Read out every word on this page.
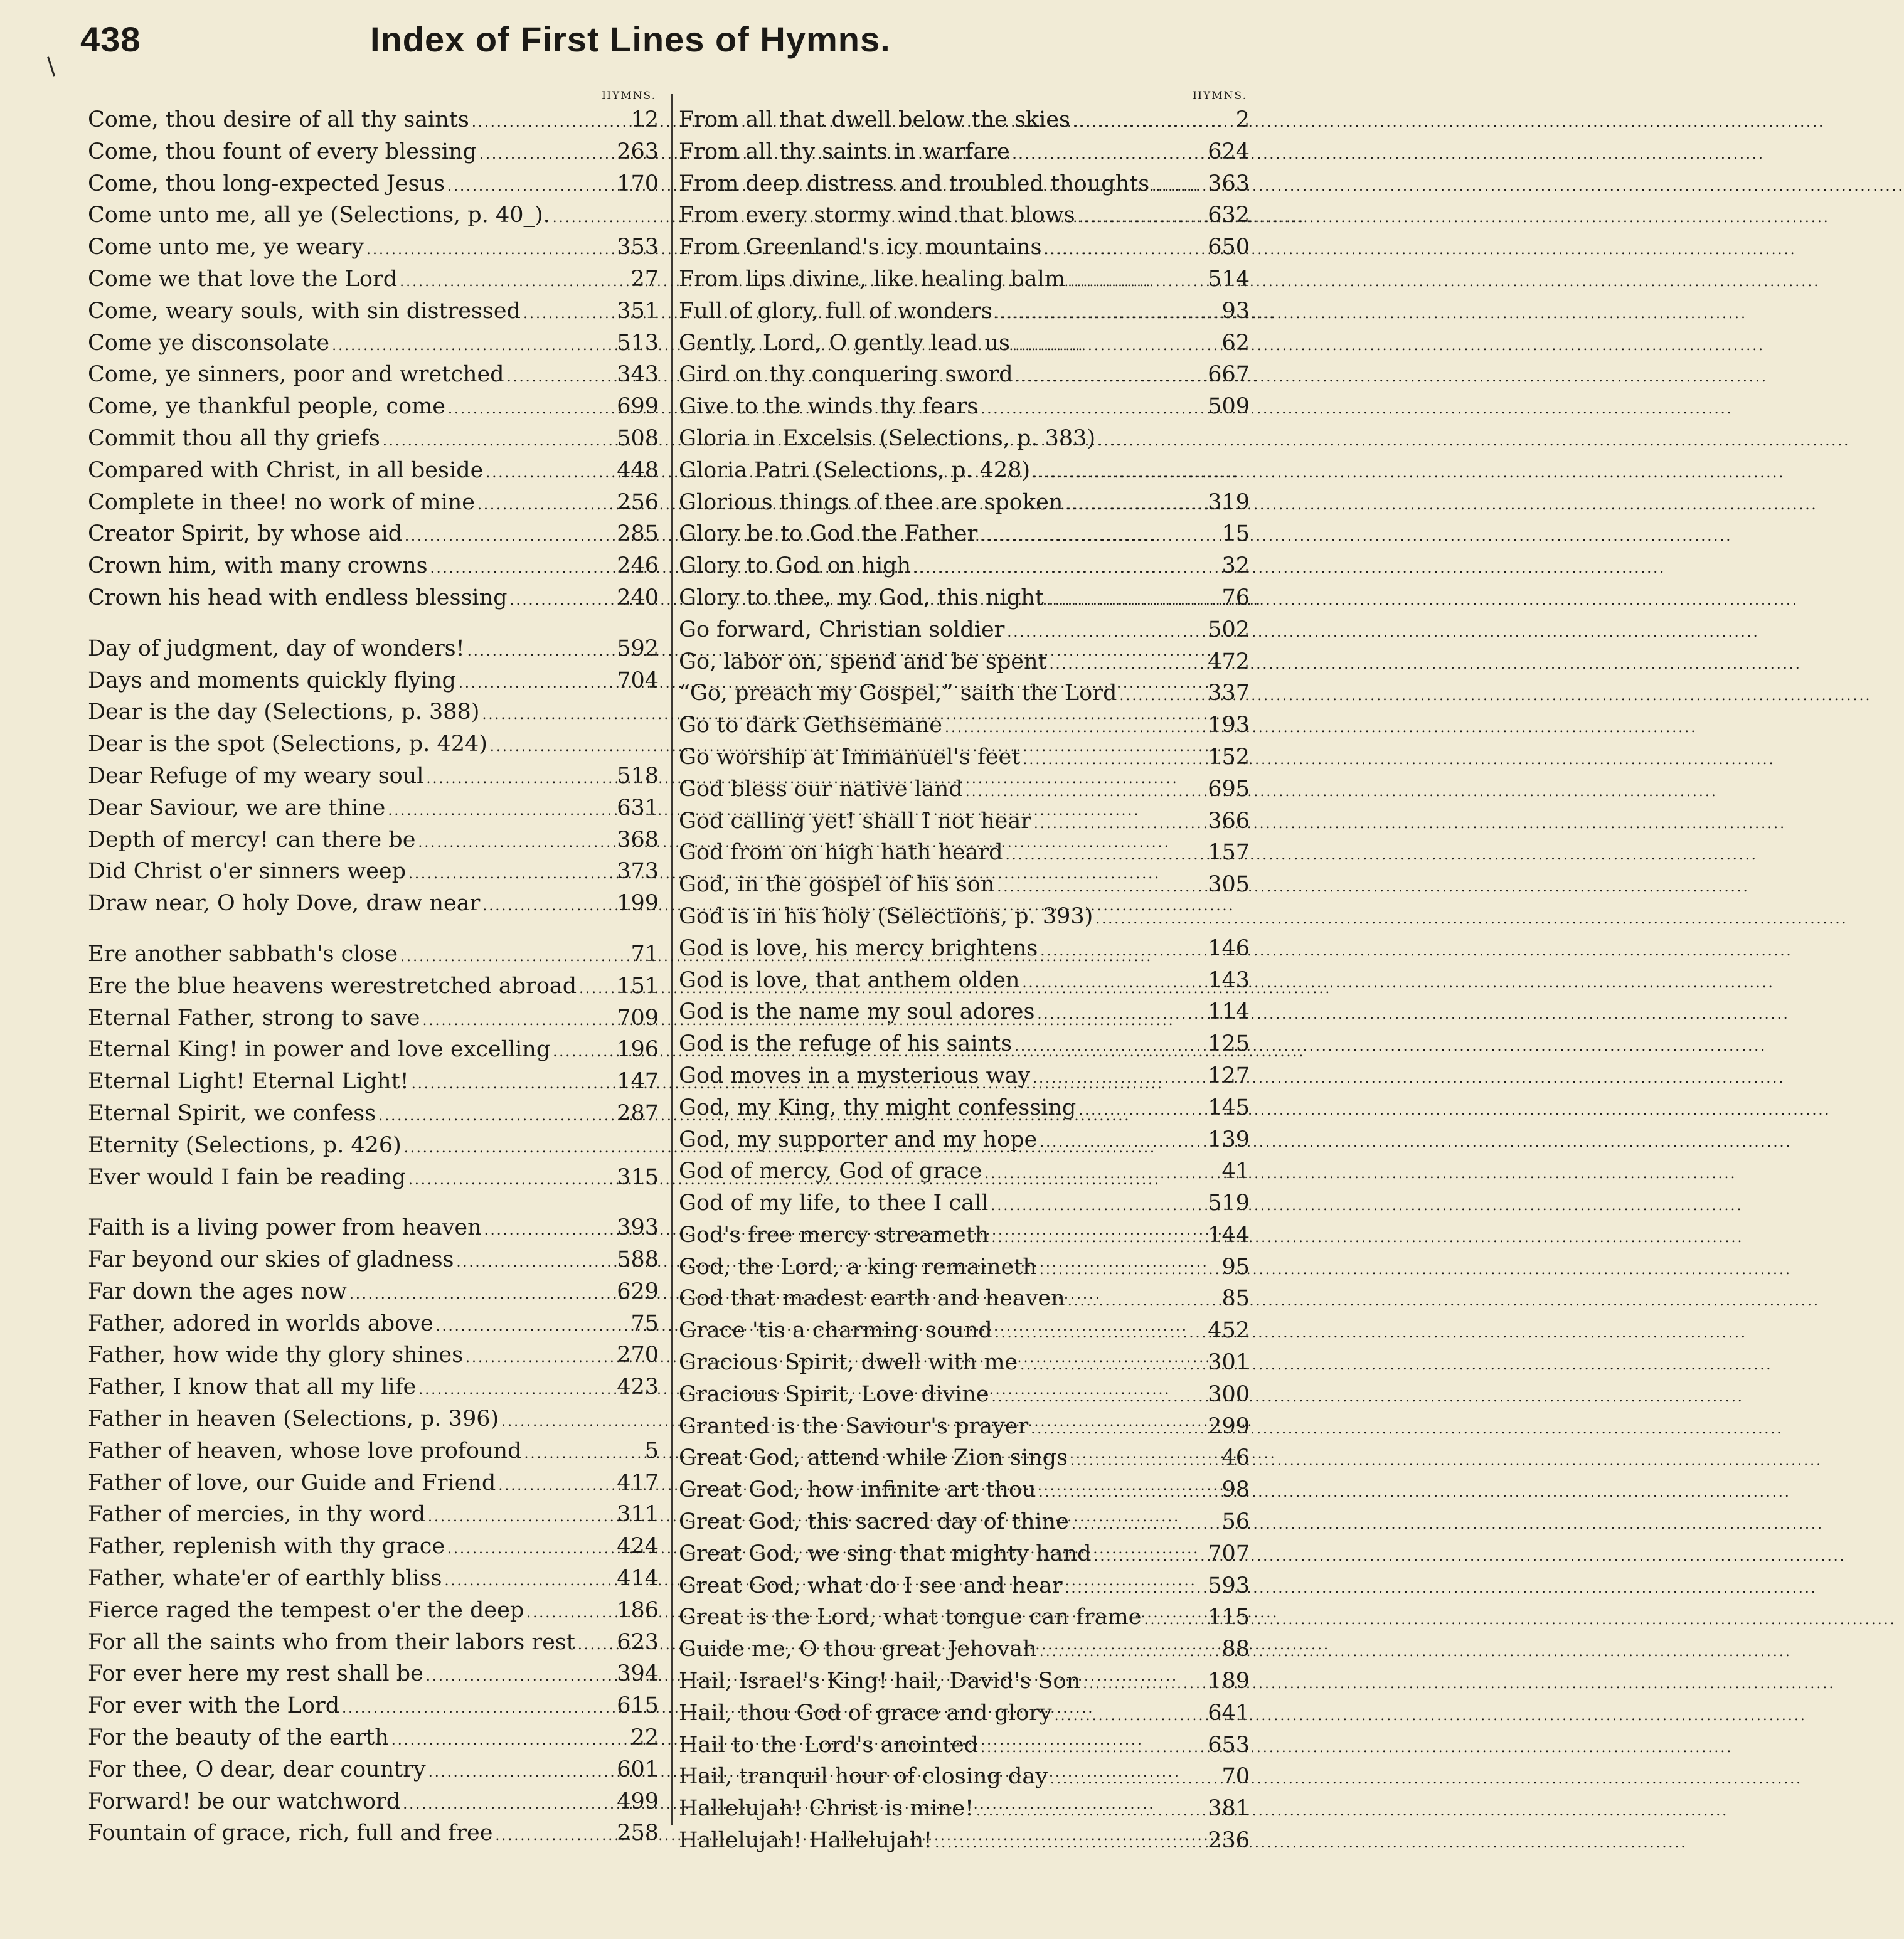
438	Index of First Lines of Hymns.
HYMNS.
Come, thou desire of all thy saints .....	12
Come, thou fount of every blessing .....	263
Come, thou long-expected Jesus .....	170
Come unto me, all ye (Selections, p. 40_).
.....
Come unto me, ye weary .....	353
Come we that love the Lord .....	27
Come, weary souls, with sin distressed .....	351
Come ye disconsolate .....	513
Come, ye sinners, poor and wretched .....	343
Come, ye thankful people, come .....	699
Commit thou all thy griefs .....	508
Compared with Christ, in all beside .....	448
Complete in thee! no work of mine .....	256
Creator Spirit, by whose aid .....	285
Crown him, with many crowns .....	246
Crown his head with endless blessing .....	240
Day of judgment, day of wonders! .....	592
Days and moments quickly flying .....	704
Dear is the day (Selections, p. 388)
.....
Dear is the spot (Selections, p. 424)
.....
Dear Refuge of my weary soul .....	518
Dear Saviour, we are thine .....	631
Depth of mercy! can there be .....	368
Did Christ o'er sinners weep .....	373
Draw near, O holy Dove, draw near .....	199
Ere another sabbath's close .....	71
Ere the blue heavens werestretched abroad ..... 151
Eternal Father, strong to save .....	709
Eternal King! in power and love excelling .....	196
Eternal Light! Eternal Light! .....	147
Eternal Spirit, we confess .....	287
Eternity (Selections, p. 426)
.....
Ever would I fain be reading .....	315
Faith is a living power from heaven .....	393
Far beyond our skies of gladness .....	588
Far down the ages now .....	629
Father, adored in worlds above .....	75
Father, how wide thy glory shines .....	270
Father, I know that all my life .....	423
Father in heaven (Selections, p. 396)
.....
Father of heaven, whose love profound .....	5
Father of love, our Guide and Friend .....	417
Father of mercies, in thy word .....	311
Father, replenish with thy grace .....	424
Father, whate'er of earthly bliss .....	414
Fierce raged the tempest o'er the deep .....	186
For all the saints who from their labors rest ..... 623
For ever here my rest shall be .....	394
For ever with the Lord .....	615
For the beauty of the earth .....	22
For thee, O dear, dear country .....	601
Forward! be our watchword .....	499
Fountain of grace, rich, full and free .....	258
HYMNS.
From all that dwell below the skies .....	2
From all thy saints in warfare .....	624
From deep distress and troubled thoughts .....	363
From every stormy wind that blows .....	632
From Greenland's icy mountains .....	650
From lips divine, like healing balm .....	514
Full of glory, full of wonders .....	93
Gently, Lord, O gently lead us .....	62
Gird on thy conquering sword .....	667
Give to the winds thy fears .....	509
Gloria in Excelsis (Selections, p. 383)
.....
Gloria Patri (Selections, p. 428)
.....
Glorious things of thee are spoken .....	319
Glory be to God the Father .....	15
Glory to God on high .....	32
Glory to thee, my God, this night .....	76
Go forward, Christian soldier .....	502
Go, labor on, spend and be spent .....	472
“Go, preach my Gospel,” saith the Lord .....	337
Go to dark Gethsemane .....	193
Go worship at Immanuel's feet .....	152
God bless our native land .....	695
God calling yet! shall I not hear .....	366
God from on high hath heard .....	157
God, in the gospel of his son .....	305
God is in his holy (Selections, p. 393)
.....
God is love, his mercy brightens .....	146
God is love, that anthem olden .....	143
God is the name my soul adores .....	114
God is the refuge of his saints .....	125
God moves in a mysterious way .....	127
God, my King, thy might confessing .....	145
God, my supporter and my hope .....	139
God of mercy, God of grace .....	41
God of my life, to thee I call .....	519
God's free mercy streameth .....	144
God, the Lord, a king remaineth .....	95
God that madest earth and heaven .....	85
Grace 'tis a charming sound .....	452
Gracious Spirit, dwell with me .....	301
Gracious Spirit, Love divine .....	300
Granted is the Saviour's prayer .....	299
Great God, attend while Zion sings .....	46
Great God, how infinite art thou .....	98
Great God, this sacred day of thine .....	56
Great God, we sing that mighty hand .....	707
Great God, what do I see and hear .....	593
Great is the Lord, what tongue can frame .....	115
Guide me, O thou great Jehovah .....	88
Hail, Israel's King! hail, David's Son .....	189
Hail, thou God of grace and glory .....	641
Hail to the Lord's anointed .....	653
Hail, tranquil hour of closing day .....	70
Hallelujah! Christ is mine! .....	381
Hallelujah! Hallelujah! .....	236
